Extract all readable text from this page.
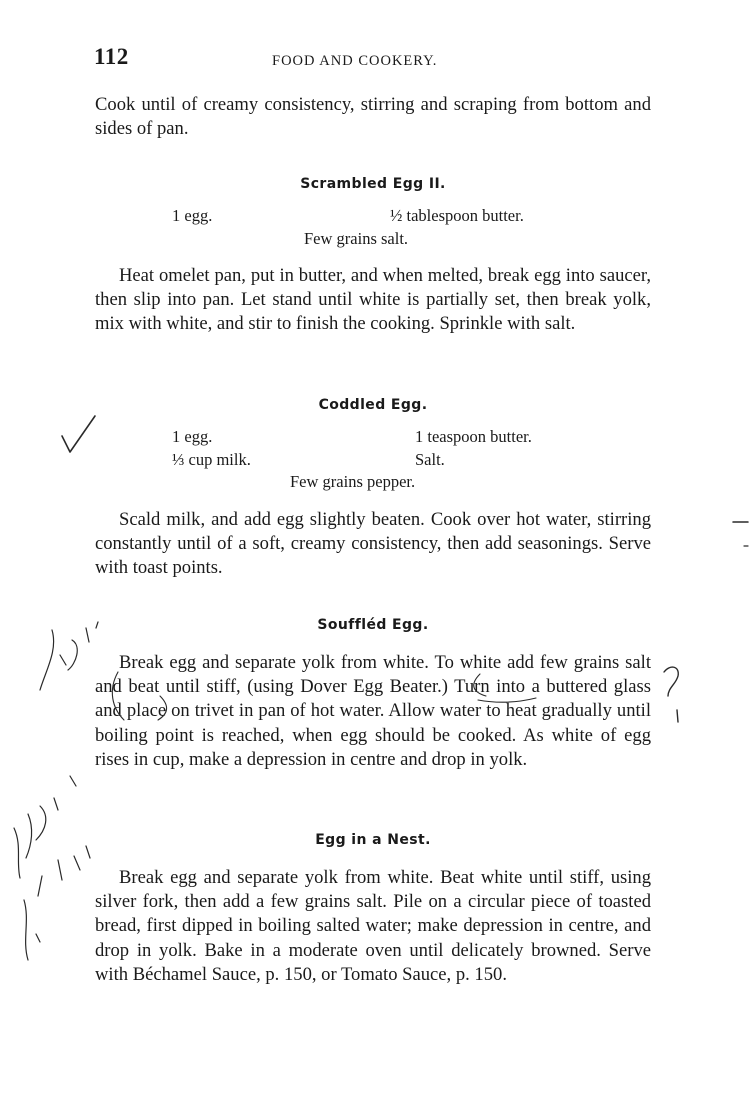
112	FOOD AND COOKERY.

Cook until of creamy consistency, stirring and scraping from bottom and sides of pan.

Scrambled Egg II.
1 egg.	½ tablespoon butter.
Few grains salt.

Heat omelet pan, put in butter, and when melted, break egg into saucer, then slip into pan. Let stand until white is partially set, then break yolk, mix with white, and stir to finish the cooking. Sprinkle with salt.

Coddled Egg.
1 egg.	1 teaspoon butter.
⅓ cup milk.	Salt.
Few grains pepper.

Scald milk, and add egg slightly beaten. Cook over hot water, stirring constantly until of a soft, creamy consistency, then add seasonings. Serve with toast points.

Souffléd Egg.

Break egg and separate yolk from white. To white add few grains salt and beat until stiff, (using Dover Egg Beater.) Turn into a buttered glass and place on trivet in pan of hot water. Allow water to heat gradually until boiling point is reached, when egg should be cooked. As white of egg rises in cup, make a depression in centre and drop in yolk.

Egg in a Nest.

Break egg and separate yolk from white. Beat white until stiff, using silver fork, then add a few grains salt. Pile on a circular piece of toasted bread, first dipped in boiling salted water; make depression in centre, and drop in yolk. Bake in a moderate oven until delicately browned. Serve with Béchamel Sauce, p. 150, or Tomato Sauce, p. 150.
